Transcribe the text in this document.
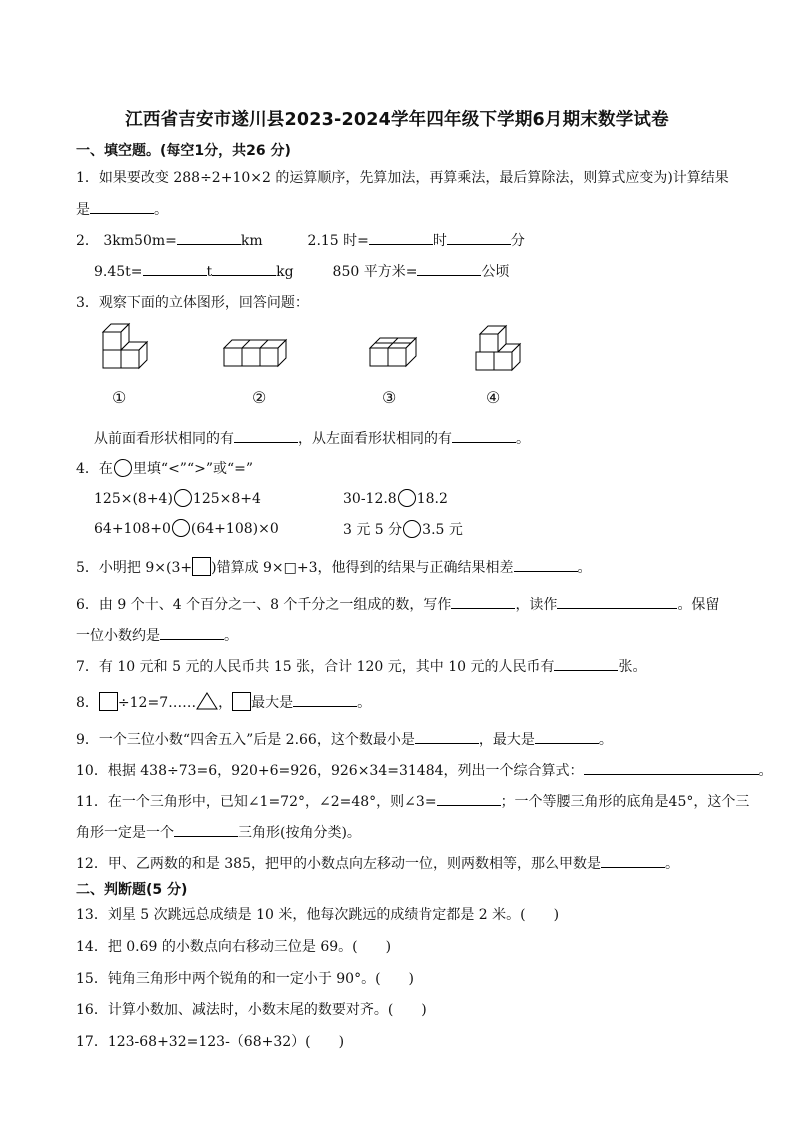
江西省吉安市遂川县2023-2024学年四年级下学期6月期末数学试卷
一、填空题。(每空1分，共26 分)
1．如果要改变 288÷2+10×2 的运算顺序，先算加法，再算乘法，最后算除法，则算式应变为)计算结果
是	。
2． 3km50m=	km	2.15 时=	时	分
9.45t=	t	kg	850 平方米=	公顷
3．观察下面的立体图形，回答问题：
①	②	③	④
从前面看形状相同的有	，从左面看形状相同的有	。
4．在 里填“<”“>”或“=”
125×(8+4) 125×8+4	30-12.8 18.2
64+108+0 (64+108)×0	3 元 5 分 3.5 元
5．小明把 9×(3+ )错算成 9×□+3，他得到的结果与正确结果相差	。
6．由 9 个十、4 个百分之一、8 个千分之一组成的数，写作	，读作	。保留
一位小数约是	。
7．有 10 元和 5 元的人民币共 15 张，合计 120 元，其中 10 元的人民币有	张。
8． ÷12=7…… ， 最大是	。
9．一个三位小数“四舍五入”后是 2.66，这个数最小是	，最大是	。
10．根据 438÷73=6，920+6=926，926×34=31484，列出一个综合算式：	。
11．在一个三角形中，已知∠1=72°，∠2=48°，则∠3=	；一个等腰三角形的底角是45°，这个三
角形一定是一个	三角形(按角分类)。
12．甲、乙两数的和是 385，把甲的小数点向左移动一位，则两数相等，那么甲数是	。
二、判断题(5 分)
13．刘星 5 次跳远总成绩是 10 米，他每次跳远的成绩肯定都是 2 米。(　　)
14．把 0.69 的小数点向右移动三位是 69。(　　)
15．钝角三角形中两个锐角的和一定小于 90°。(　　)
16．计算小数加、减法时，小数末尾的数要对齐。(　　)
17．123-68+32=123-（68+32）(　　)
